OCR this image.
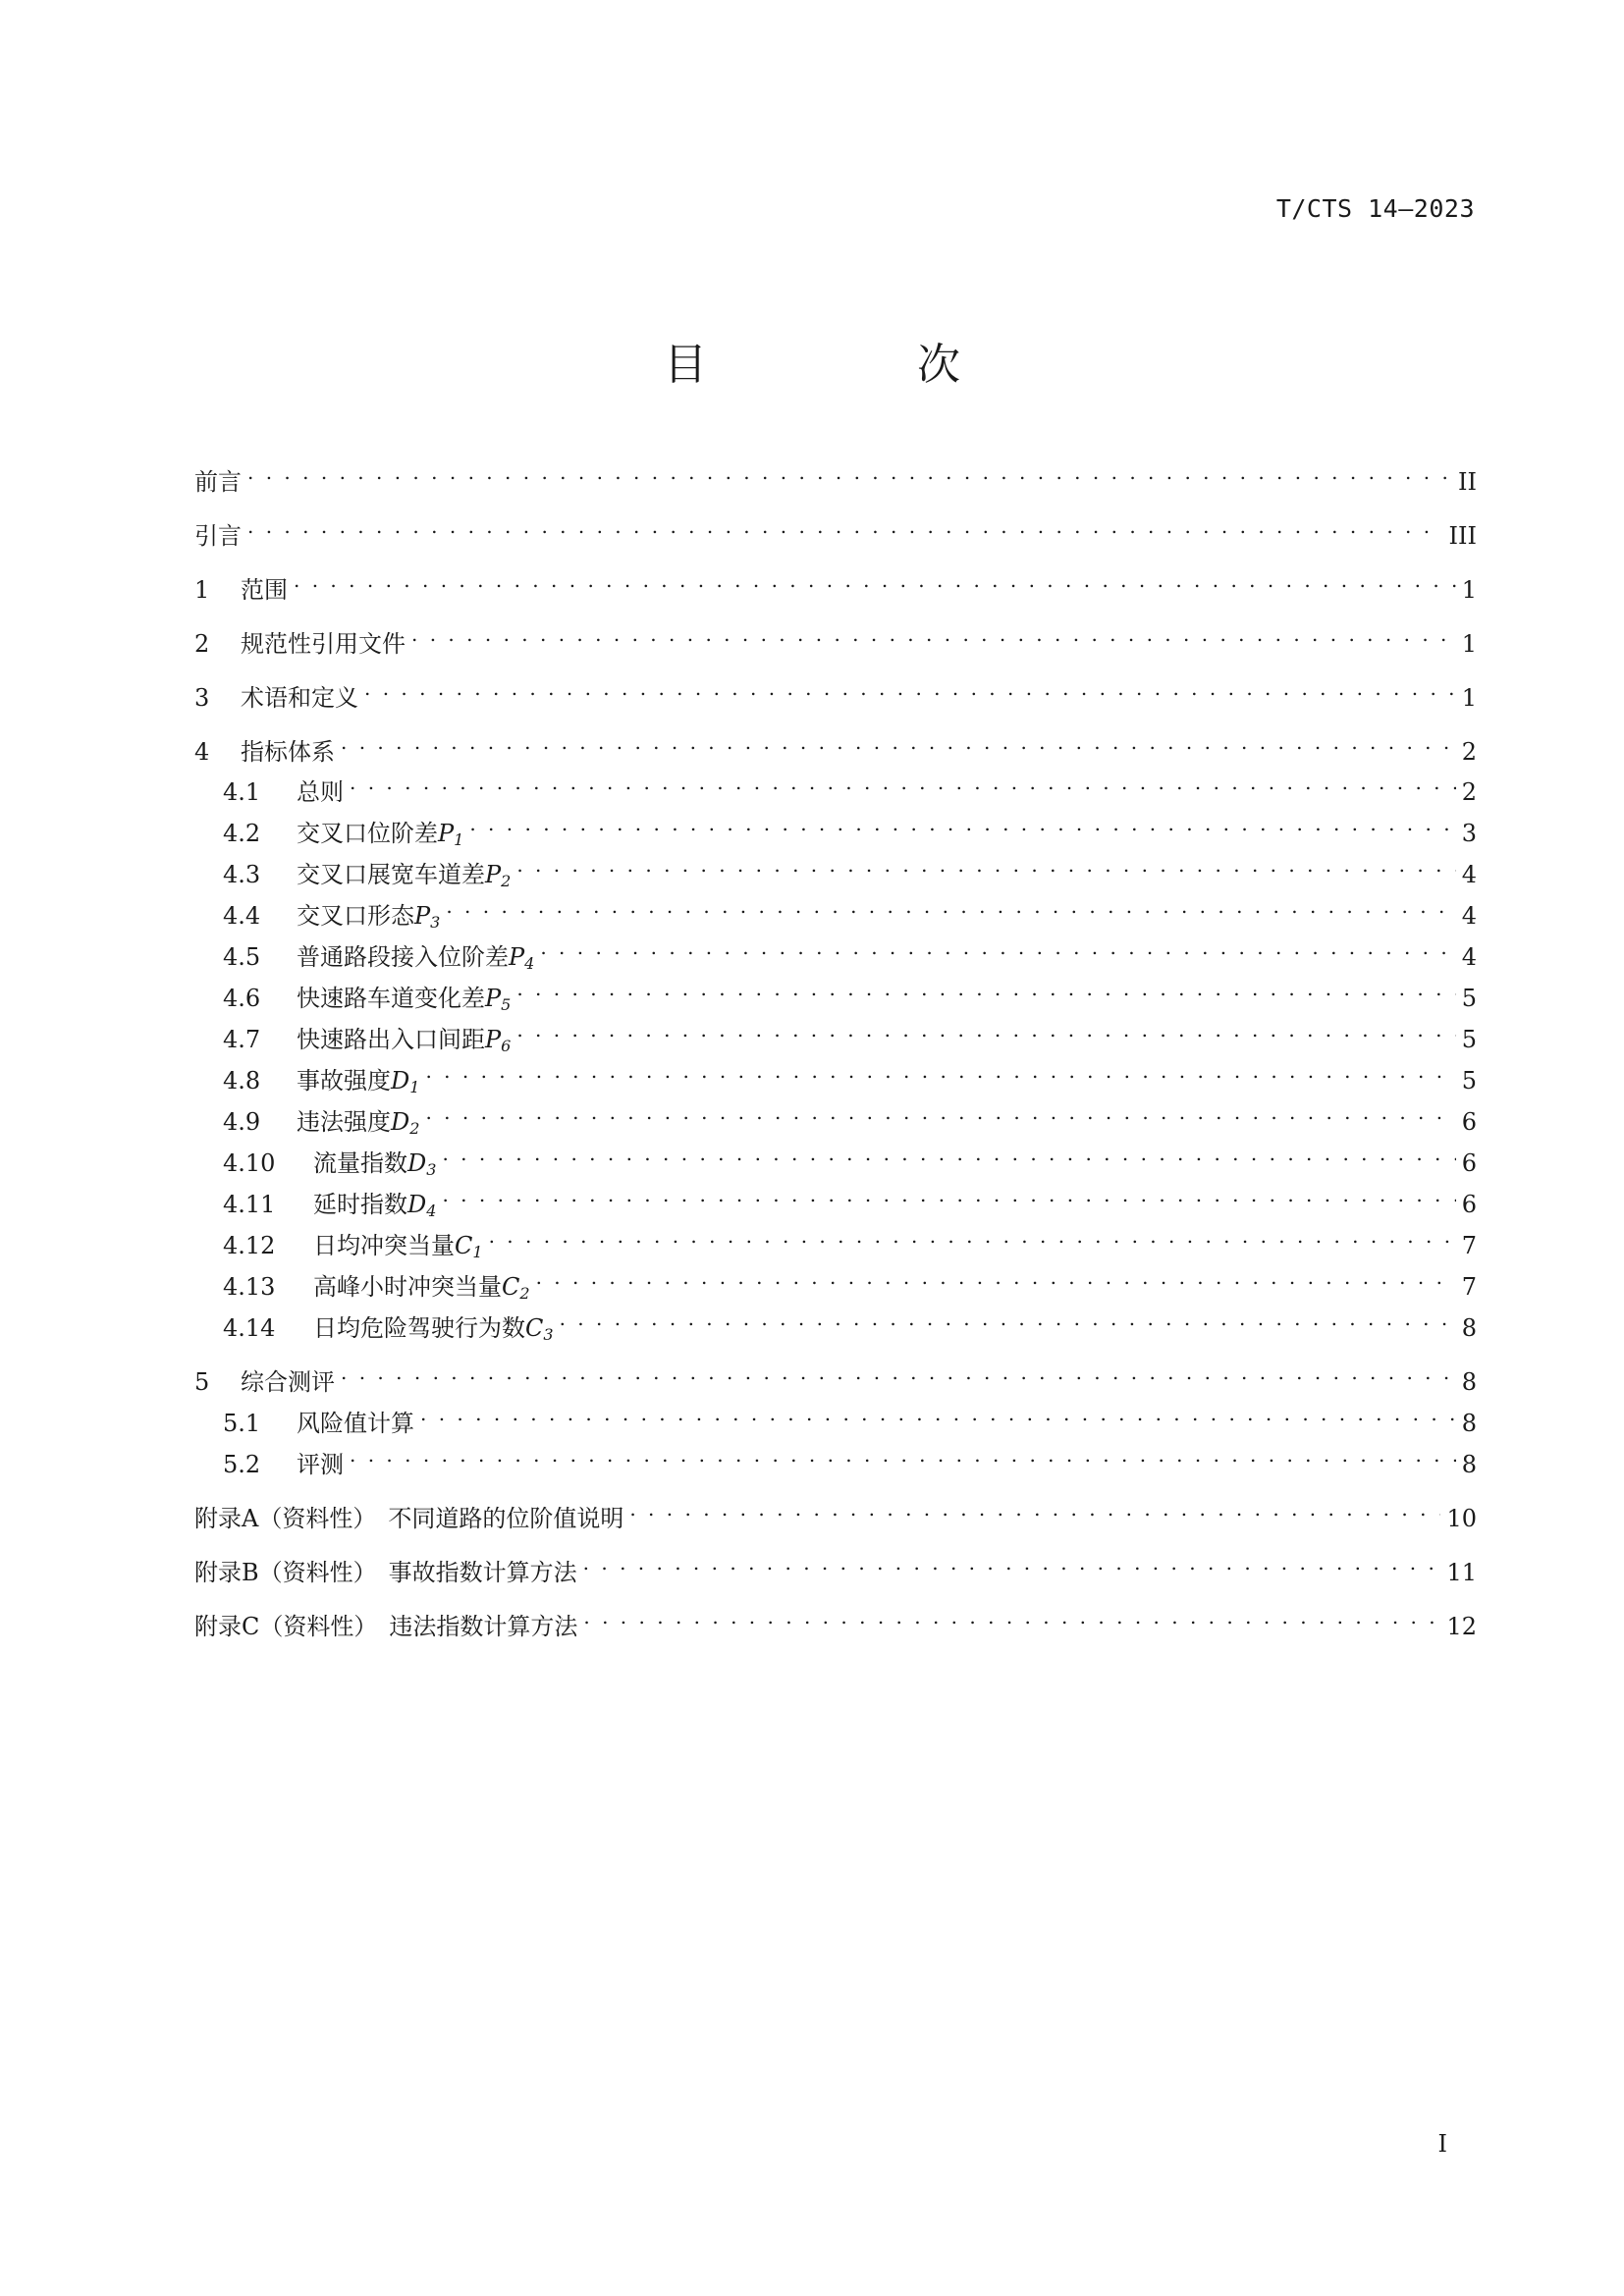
T/CTS 14—2023
目 次
前言 . . .	II
引言 . . .	III
1	范围 . . .	1
2	规范性引用文件 . . .	1
3	术语和定义 . . .	1
4	指标体系 . . .	2
4.1	总则 . . .	2
4.2	交叉口位阶差$P_1$ . . .	3
4.3	交叉口展宽车道差$P_2$ . . .	4
4.4	交叉口形态$P_3$ . . .	4
4.5	普通路段接入位阶差$P_4$ . . .	4
4.6	快速路车道变化差$P_5$ . . .	5
4.7	快速路出入口间距$P_6$ . . .	5
4.8	事故强度$D_1$ . . .	5
4.9	违法强度$D_2$ . . .	6
4.10	流量指数$D_3$ . . .	6
4.11	延时指数$D_4$ . . .	6
4.12	日均冲突当量$C_1$ . . .	7
4.13	高峰小时冲突当量$C_2$ . . .	7
4.14	日均危险驾驶行为数$C_3$ . . .	8
5	综合测评 . . .	8
5.1	风险值计算 . . .	8
5.2	评测 . . .	8
附录A（资料性）　不同道路的位阶值说明 . . .	10
附录B（资料性）　事故指数计算方法 . . .	11
附录C（资料性）　违法指数计算方法 . . .	12
I
